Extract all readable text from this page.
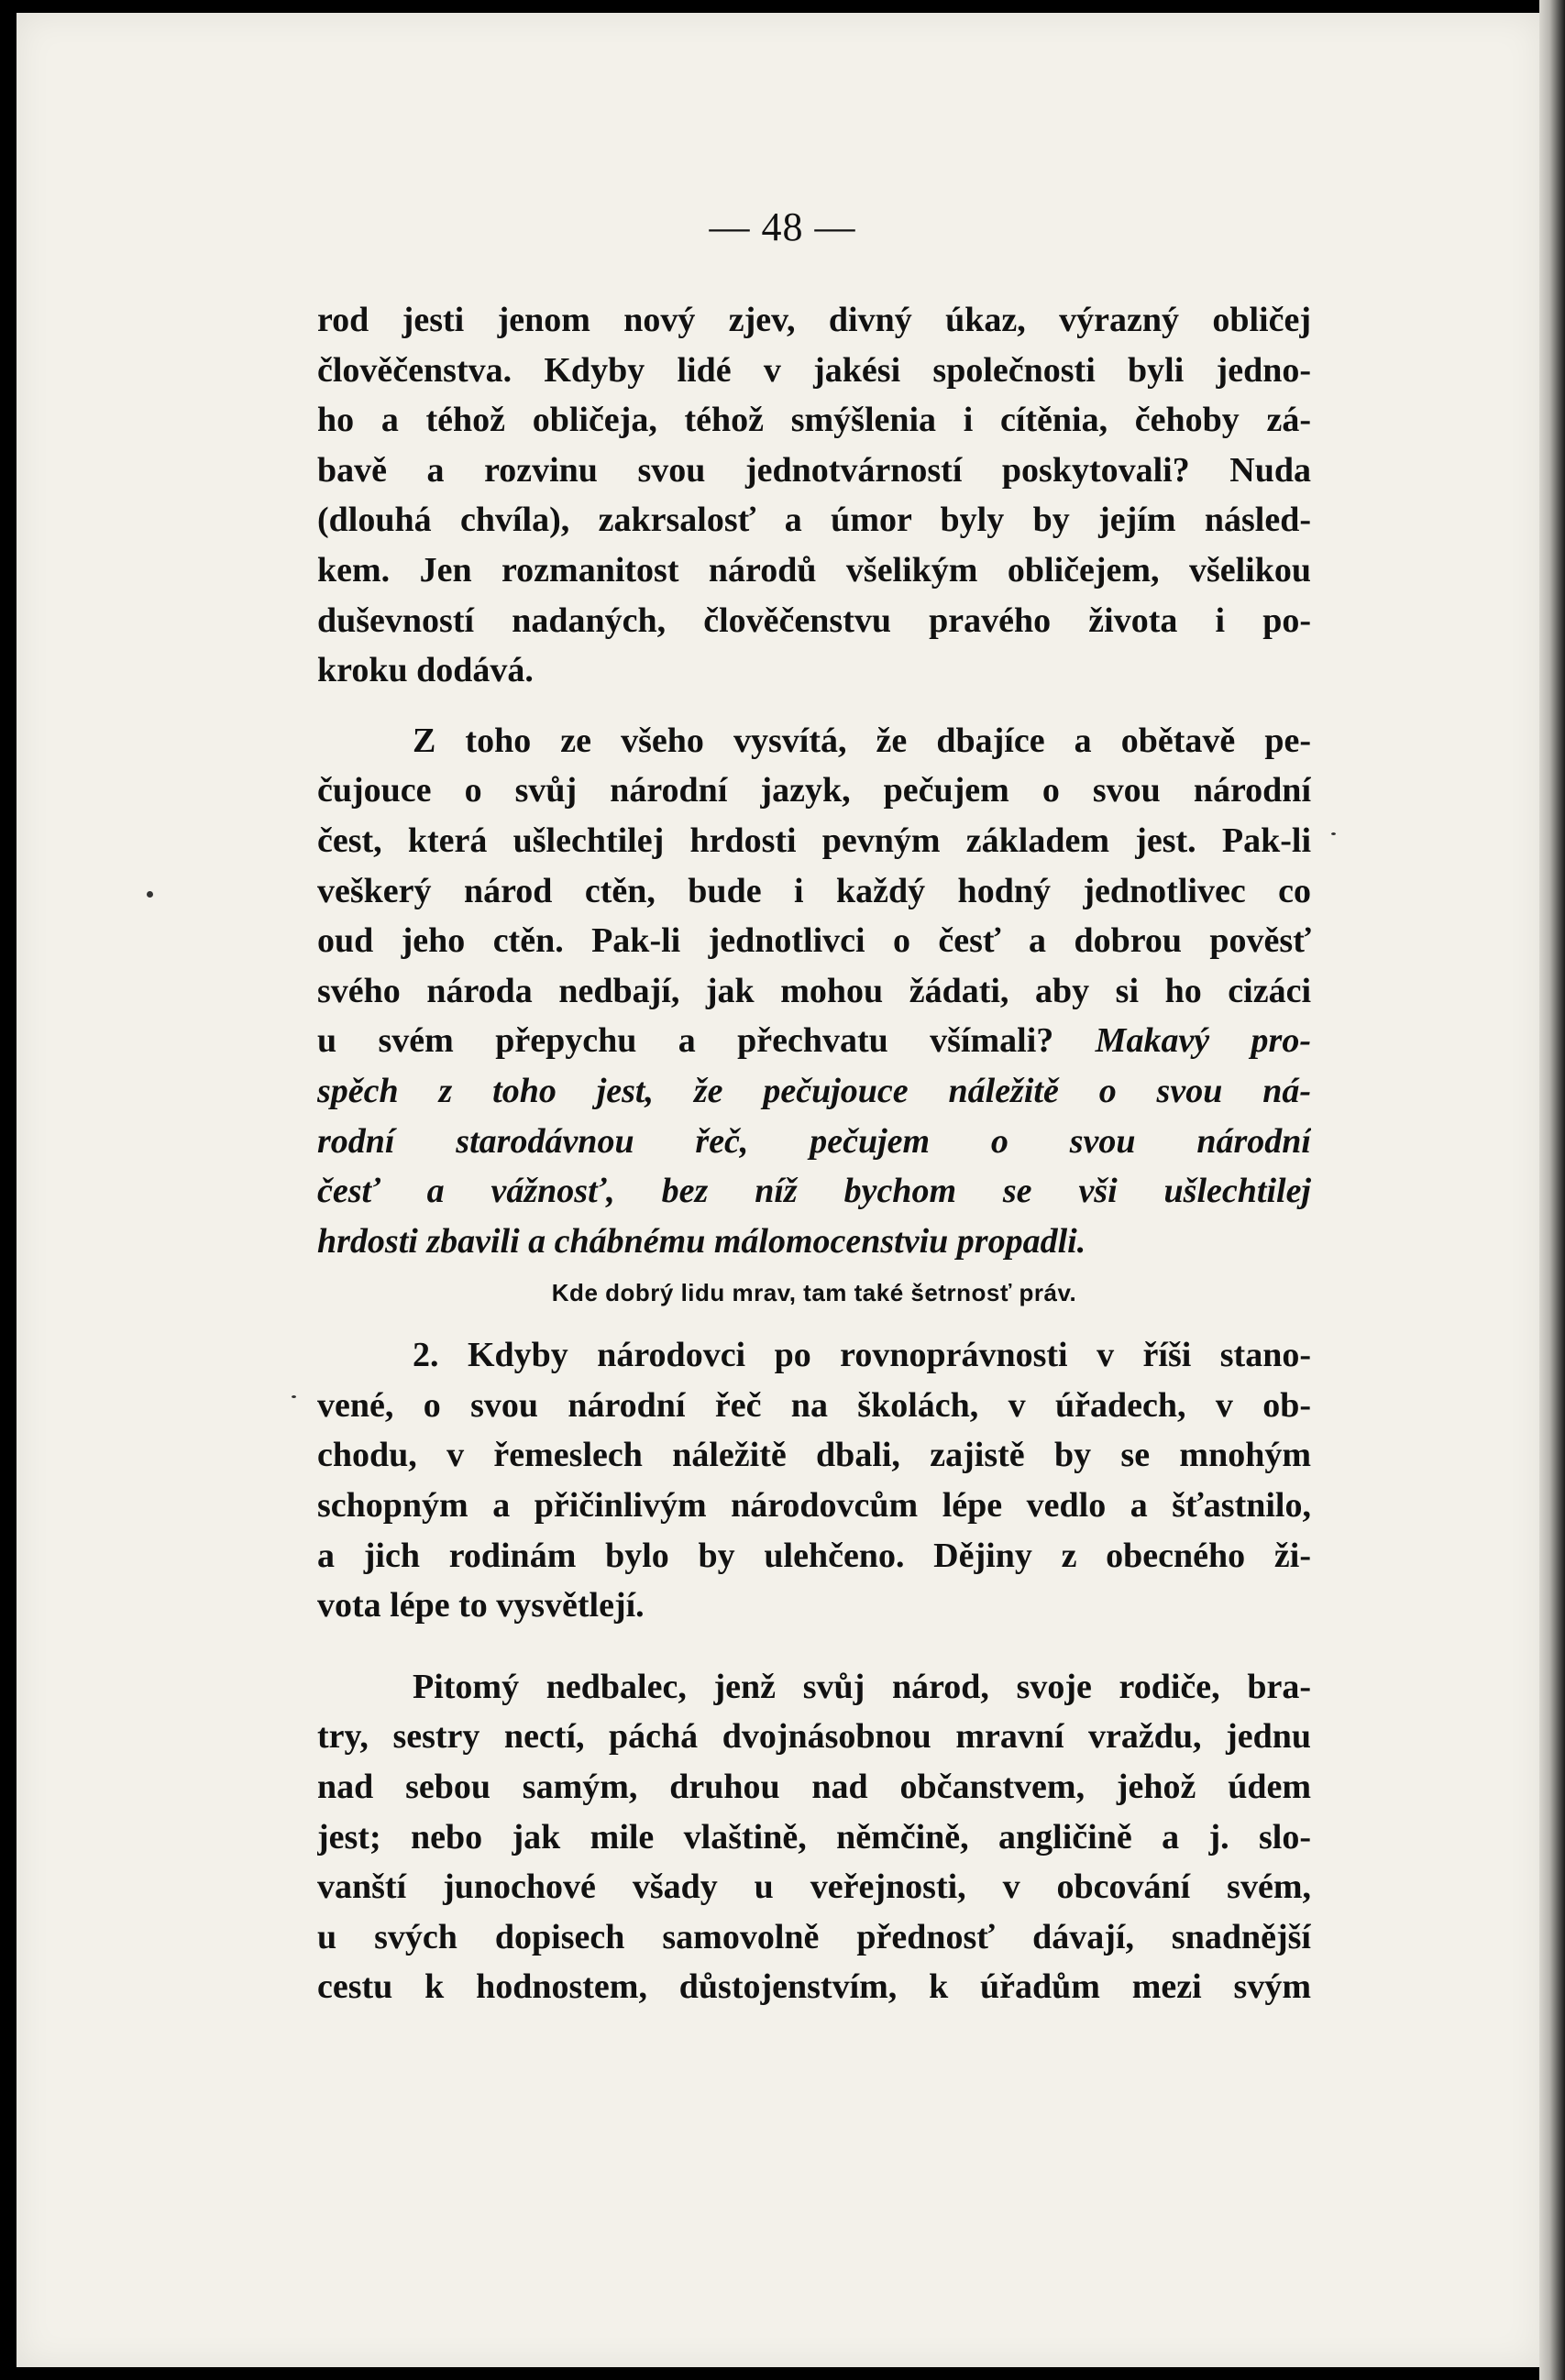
— 48 —
rod jesti jenom nový zjev, divný úkaz, výrazný obličej
člověčenstva. Kdyby lidé v jakési společnosti byli jedno-
ho a téhož obličeja, téhož smýšlenia i cítěnia, čehoby zá-
bavě a rozvinu svou jednotvárností poskytovali? Nuda
(dlouhá chvíla), zakrsalosť a úmor byly by jejím násled-
kem. Jen rozmanitost národů všelikým obličejem, všelikou
duševností nadaných, člověčenstvu pravého života i po-
kroku dodává.
Z toho ze všeho vysvítá, že dbajíce a obětavě pe-
čujouce o svůj národní jazyk, pečujem o svou národní
čest, která ušlechtilej hrdosti pevným základem jest. Pak-li
veškerý národ ctěn, bude i každý hodný jednotlivec co
oud jeho ctěn. Pak-li jednotlivci o česť a dobrou pověsť
svého národa nedbají, jak mohou žádati, aby si ho cizáci
u svém přepychu a přechvatu všímali? Makavý pro-
spěch z toho jest, že pečujouce náležitě o svou ná-
rodní starodávnou řeč, pečujem o svou národní
česť a vážnosť, bez níž bychom se vši ušlechtilej
hrdosti zbavili a chábnému málomocenstviu propadli.
Kde dobrý lidu mrav, tam také šetrnosť práv.
2. Kdyby národovci po rovnoprávnosti v říši stano-
vené, o svou národní řeč na školách, v úřadech, v ob-
chodu, v řemeslech náležitě dbali, zajistě by se mnohým
schopným a přičinlivým národovcům lépe vedlo a šťastnilo,
a jich rodinám bylo by ulehčeno. Dějiny z obecného ži-
vota lépe to vysvětlejí.
Pitomý nedbalec, jenž svůj národ, svoje rodiče, bra-
try, sestry nectí, páchá dvojnásobnou mravní vraždu, jednu
nad sebou samým, druhou nad občanstvem, jehož údem
jest; nebo jak mile vlaštině, němčině, angličině a j. slo-
vanští junochové všady u veřejnosti, v obcování svém,
u svých dopisech samovolně přednosť dávají, snadnější
cestu k hodnostem, důstojenstvím, k úřadům mezi svým
